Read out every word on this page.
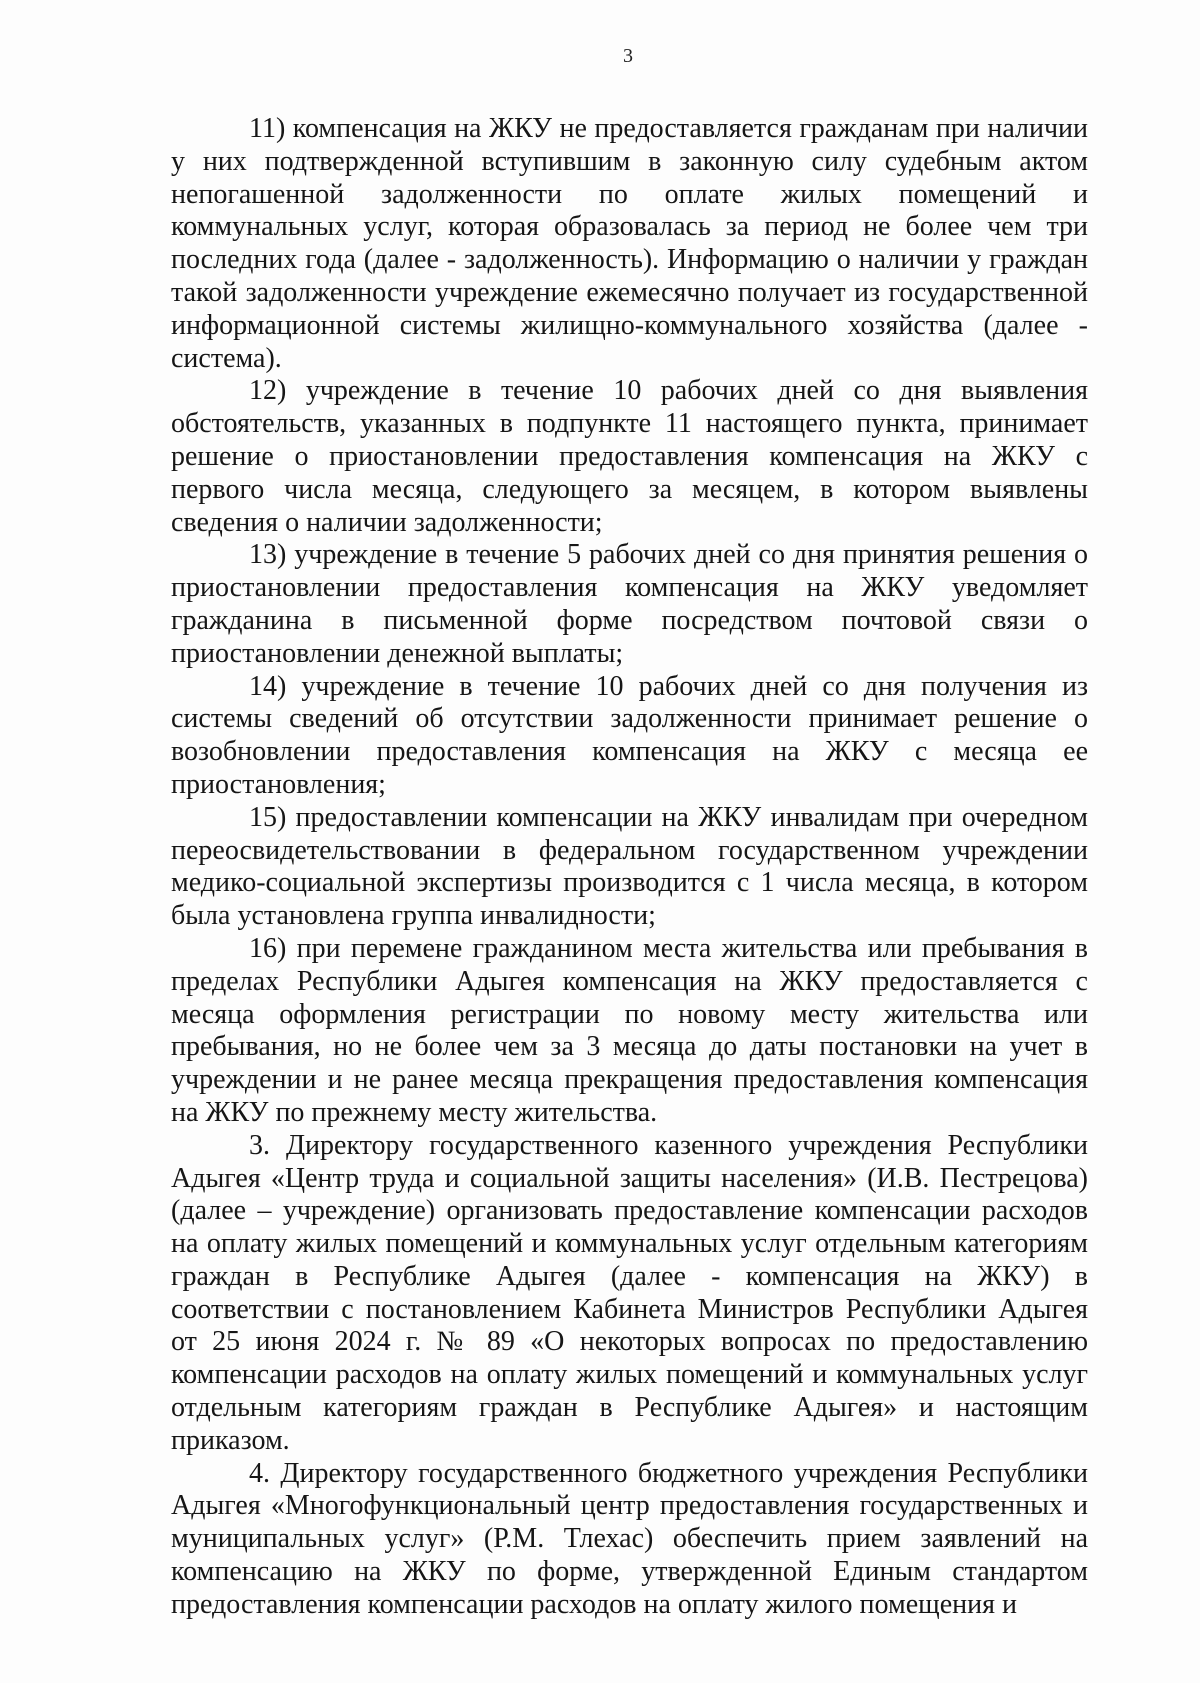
3

11) компенсация на ЖКУ не предоставляется гражданам при наличии у них подтвержденной вступившим в законную силу судебным актом непогашенной задолженности по оплате жилых помещений и коммунальных услуг, которая образовалась за период не более чем три последних года (далее - задолженность). Информацию о наличии у граждан такой задолженности учреждение ежемесячно получает из государственной информационной системы жилищно-коммунального хозяйства (далее - система).

12) учреждение в течение 10 рабочих дней со дня выявления обстоятельств, указанных в подпункте 11 настоящего пункта, принимает решение о приостановлении предоставления компенсация на ЖКУ с первого числа месяца, следующего за месяцем, в котором выявлены сведения о наличии задолженности;

13) учреждение в течение 5 рабочих дней со дня принятия решения о приостановлении предоставления компенсация на ЖКУ уведомляет гражданина в письменной форме посредством почтовой связи о приостановлении денежной выплаты;

14) учреждение в течение 10 рабочих дней со дня получения из системы сведений об отсутствии задолженности принимает решение о возобновлении предоставления компенсация на ЖКУ с месяца ее приостановления;

15) предоставлении компенсации на ЖКУ инвалидам при очередном переосвидетельствовании в федеральном государственном учреждении медико-социальной экспертизы производится с 1 числа месяца, в котором была установлена группа инвалидности;

16) при перемене гражданином места жительства или пребывания в пределах Республики Адыгея компенсация на ЖКУ предоставляется с месяца оформления регистрации по новому месту жительства или пребывания, но не более чем за 3 месяца до даты постановки на учет в учреждении и не ранее месяца прекращения предоставления компенсация на ЖКУ по прежнему месту жительства.

3. Директору государственного казенного учреждения Республики Адыгея «Центр труда и социальной защиты населения» (И.В. Пестрецова) (далее – учреждение) организовать предоставление компенсации расходов на оплату жилых помещений и коммунальных услуг отдельным категориям граждан в Республике Адыгея (далее - компенсация на ЖКУ) в соответствии с постановлением Кабинета Министров Республики Адыгея от 25 июня 2024 г. № 89 «О некоторых вопросах по предоставлению компенсации расходов на оплату жилых помещений и коммунальных услуг отдельным категориям граждан в Республике Адыгея» и настоящим приказом.

4. Директору государственного бюджетного учреждения Республики Адыгея «Многофункциональный центр предоставления государственных и муниципальных услуг» (Р.М. Тлехас) обеспечить прием заявлений на компенсацию на ЖКУ по форме, утвержденной Единым стандартом предоставления компенсации расходов на оплату жилого помещения и
